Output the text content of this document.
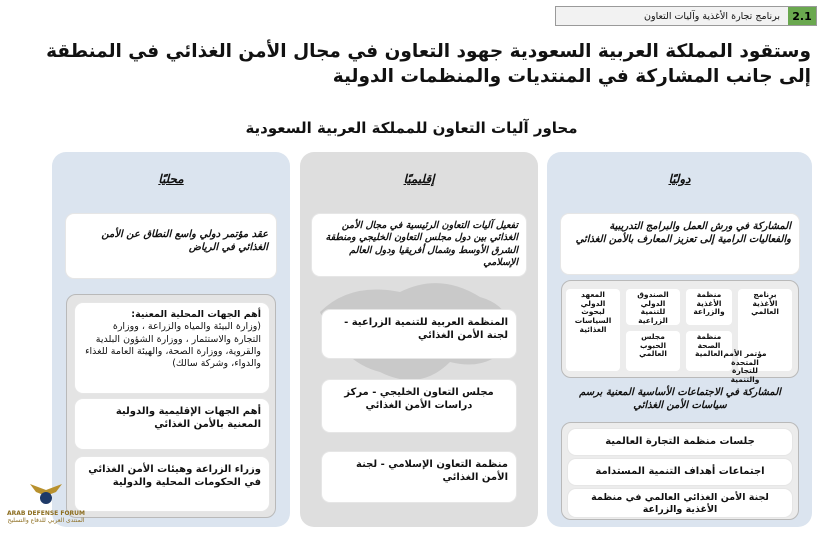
2.1
برنامج تجارة الأغذية وآليات التعاون
وستقود المملكة العربية السعودية جهود التعاون في مجال الأمن الغذائي في المنطقة إلى جانب المشاركة في المنتديات والمنظمات الدولية
محاور آليات التعاون للمملكة العربية السعودية
دوليًا
المشاركة في ورش العمل والبرامج التدريبية والفعاليات الرامية إلى تعزيز المعارف بالأمن الغذائي
برنامج الأغذية العالمي
منظمة الأغذية والزراعة
الصندوق الدولي للتنمية الزراعية
المعهد الدولي لبحوث السياسات الغذائية
منظمة الصحة العالمية
مجلس الحبوب العالمي	مؤتمر الأمم المتحدة للتجارة والتنمية
المشاركة في الاجتماعات الأساسية المعنية برسم سياسات الأمن الغذائي
جلسات منظمة التجارة العالمية
اجتماعات أهداف التنمية المستدامة
لجنة الأمن الغذائي العالمي في منظمة الأغذية والزراعة
إقليميًا
تفعيل آليات التعاون الرئيسية في مجال الأمن الغذائي بين دول مجلس التعاون الخليجي ومنطقة الشرق الأوسط وشمال أفريقيا ودول العالم الإسلامي
المنظمة العربية للتنمية الزراعية - لجنة الأمن الغذائي
مجلس التعاون الخليجي - مركز دراسات الأمن الغذائي
منظمة التعاون الإسلامي - لجنة الأمن الغذائي
محليًا
عقد مؤتمر دولي واسع النطاق عن الأمن الغذائي في الرياض
أهم الجهات المحلية المعنية:
(وزارة البيئة والمياه والزراعة ، ووزارة التجارة والاستثمار ، ووزارة الشؤون البلدية والقروية، ووزارة الصحة، والهيئة العامة للغذاء والدواء، وشركة سالك)
أهم الجهات الإقليمية والدولية المعنية بالأمن الغذائي
وزراء الزراعة وهيئات الأمن الغذائي في الحكومات المحلية والدولية
ARAB DEFENSE FORUM
المنتدى العربي للدفاع والتسليح
